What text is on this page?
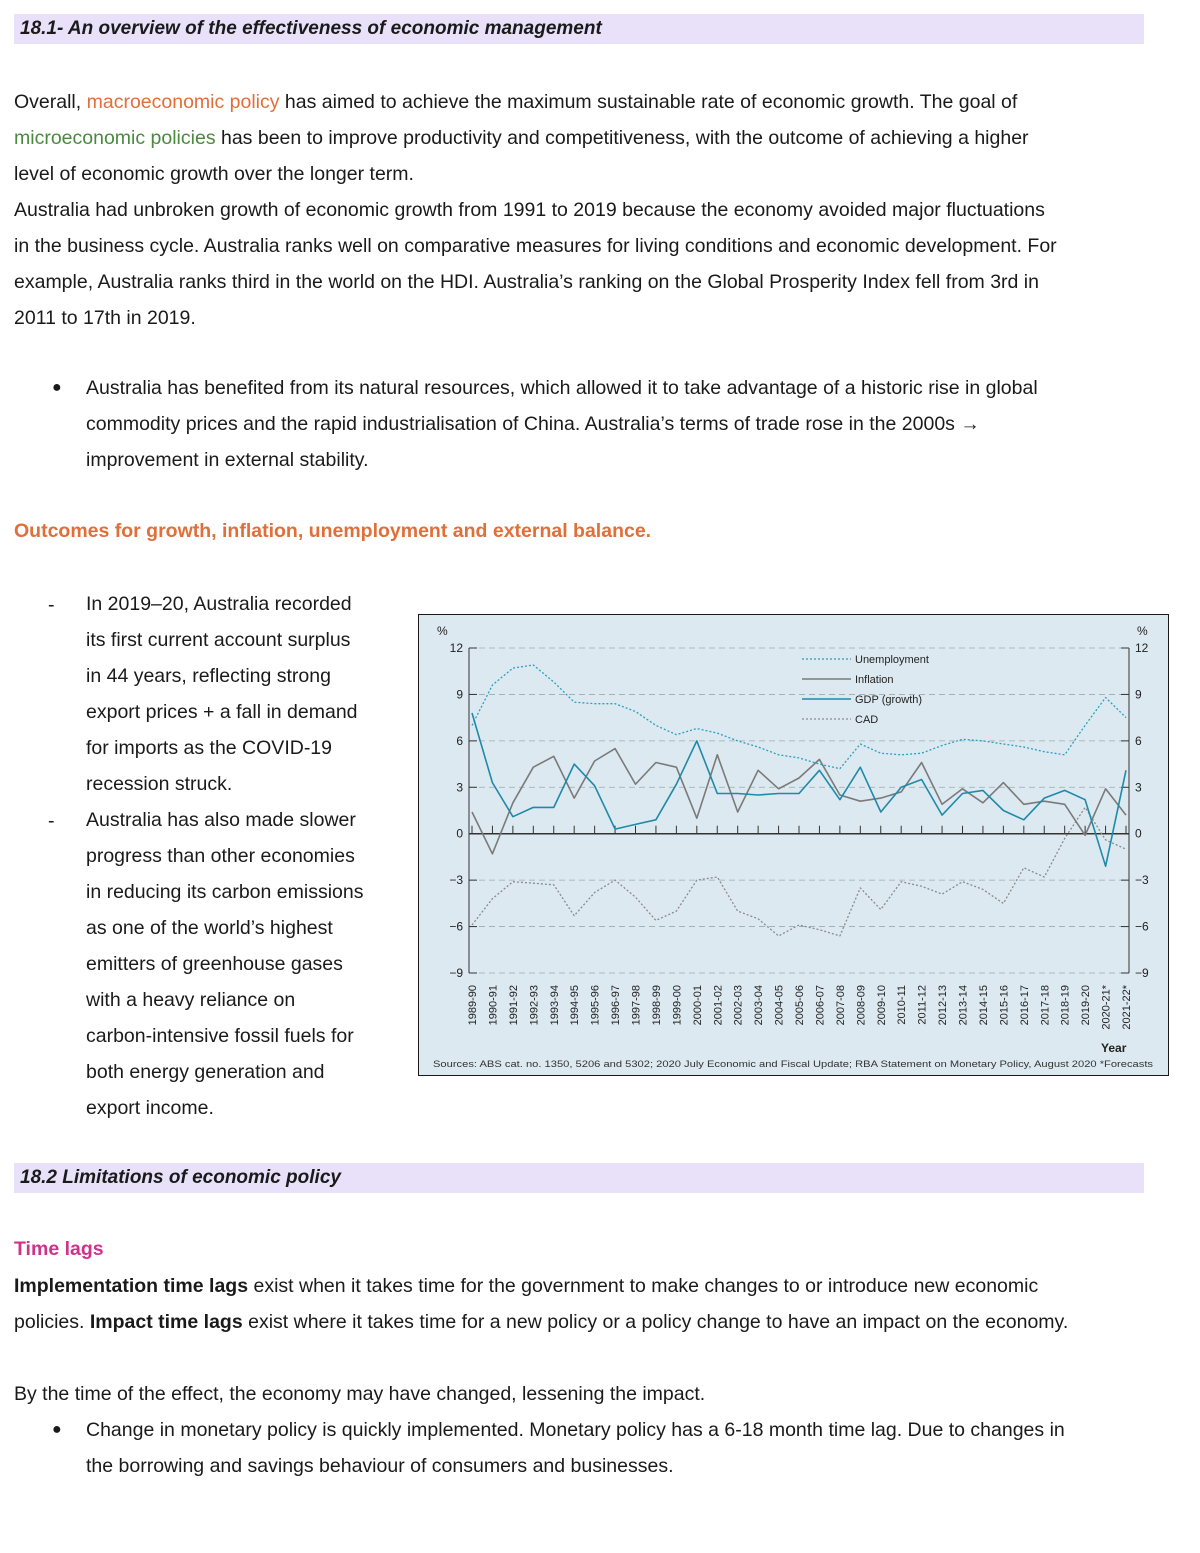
18.1- An overview of the effectiveness of economic management
Overall, macroeconomic policy has aimed to achieve the maximum sustainable rate of economic growth. The goal of
microeconomic policies has been to improve productivity and competitiveness, with the outcome of achieving a higher
level of economic growth over the longer term.
Australia had unbroken growth of economic growth from 1991 to 2019 because the economy avoided major fluctuations
in the business cycle. Australia ranks well on comparative measures for living conditions and economic development. For
example, Australia ranks third in the world on the HDI. Australia’s ranking on the Global Prosperity Index fell from 3rd in
2011 to 17th in 2019.
● Australia has benefited from its natural resources, which allowed it to take advantage of a historic rise in global
commodity prices and the rapid industrialisation of China. Australia’s terms of trade rose in the 2000s →
improvement in external stability.
Outcomes for growth, inflation, unemployment and external balance.
- In 2019–20, Australia recorded
its first current account surplus
in 44 years, reflecting strong
export prices + a fall in demand
for imports as the COVID-19
recession struck.
- Australia has also made slower
progress than other economies
in reducing its carbon emissions
as one of the world’s highest
emitters of greenhouse gases
with a heavy reliance on
carbon-intensive fossil fuels for
both energy generation and
export income.
%	%
12	12
9	9
6	6
3	3
0	0
−3	−3
−6	−6
−9	−9
1989-90 1990-91 1991-92 1992-93 1993-94 1994-95 1995-96 1996-97 1997-98 1998-99 1999-00 2000-01 2001-02 2002-03 2003-04 2004-05 2005-06 2006-07 2007-08 2008-09 2009-10 2010-11 2011-12 2012-13 2013-14 2014-15 2015-16 2016-17 2017-18 2018-19 2019-20 2020-21* 2021-22*
Unemployment
Inflation
GDP (growth)
CAD
Year
Sources: ABS cat. no. 1350, 5206 and 5302; 2020 July Economic and Fiscal Update; RBA Statement on Monetary Policy, August 2020 *Forecasts
18.2 Limitations of economic policy
Time lags
Implementation time lags exist when it takes time for the government to make changes to or introduce new economic
policies. Impact time lags exist where it takes time for a new policy or a policy change to have an impact on the economy.
By the time of the effect, the economy may have changed, lessening the impact.
● Change in monetary policy is quickly implemented. Monetary policy has a 6-18 month time lag. Due to changes in
the borrowing and savings behaviour of consumers and businesses.
